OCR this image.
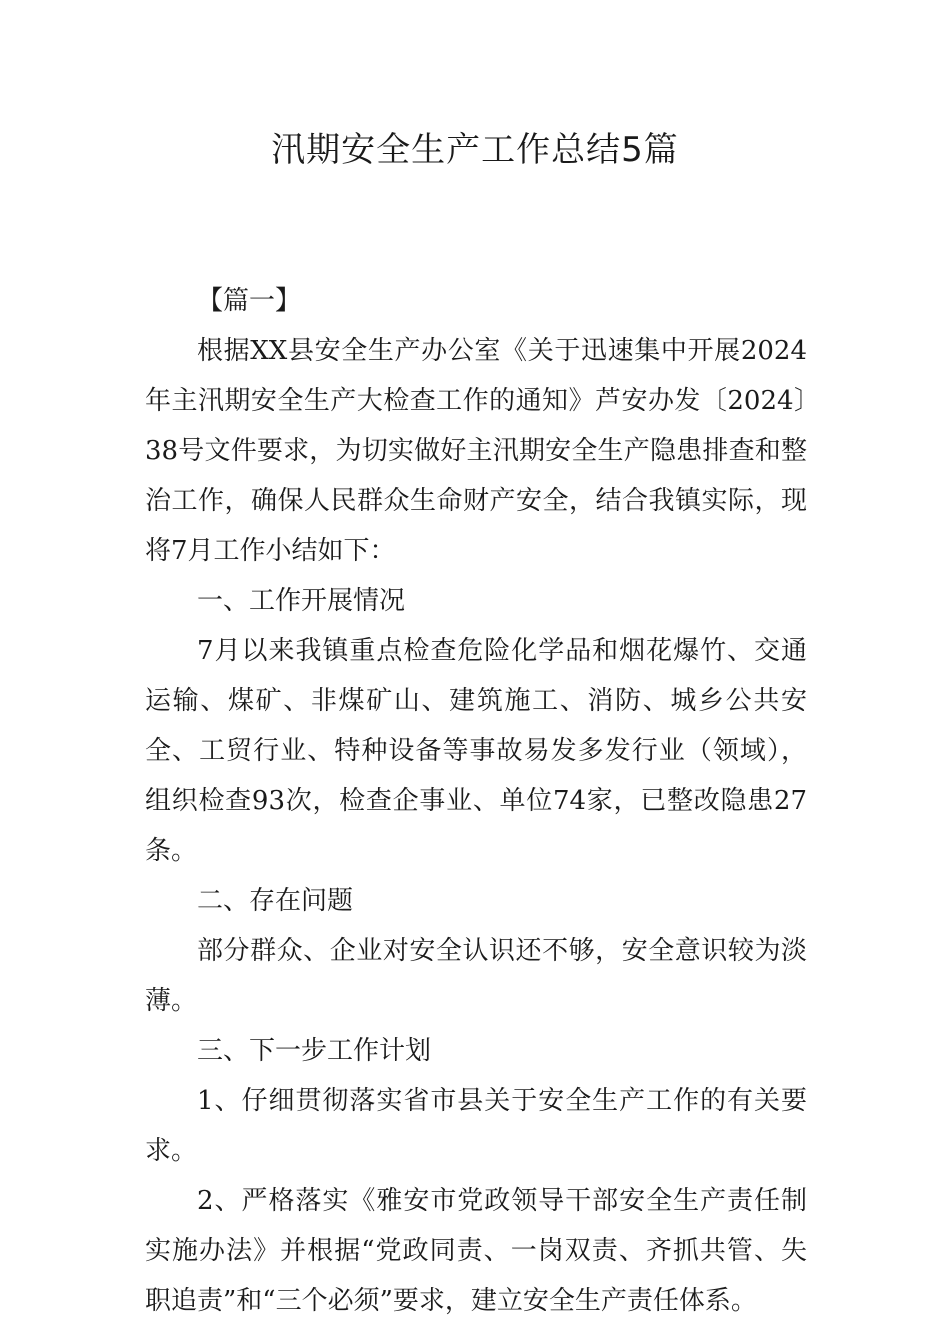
汛期安全生产工作总结5篇

【篇一】

根据XX县安全生产办公室《关于迅速集中开展2024年主汛期安全生产大检查工作的通知》芦安办发〔2024〕38号文件要求，为切实做好主汛期安全生产隐患排查和整治工作，确保人民群众生命财产安全，结合我镇实际，现将7月工作小结如下：

一、工作开展情况

7月以来我镇重点检查危险化学品和烟花爆竹、交通运输、煤矿、非煤矿山、建筑施工、消防、城乡公共安全、工贸行业、特种设备等事故易发多发行业（领域），组织检查93次，检查企事业、单位74家，已整改隐患27条。

二、存在问题

部分群众、企业对安全认识还不够，安全意识较为淡薄。

三、下一步工作计划

1、仔细贯彻落实省市县关于安全生产工作的有关要求。

2、严格落实《雅安市党政领导干部安全生产责任制实施办法》并根据“党政同责、一岗双责、齐抓共管、失职追责”和“三个必须”要求，建立安全生产责任体系。
